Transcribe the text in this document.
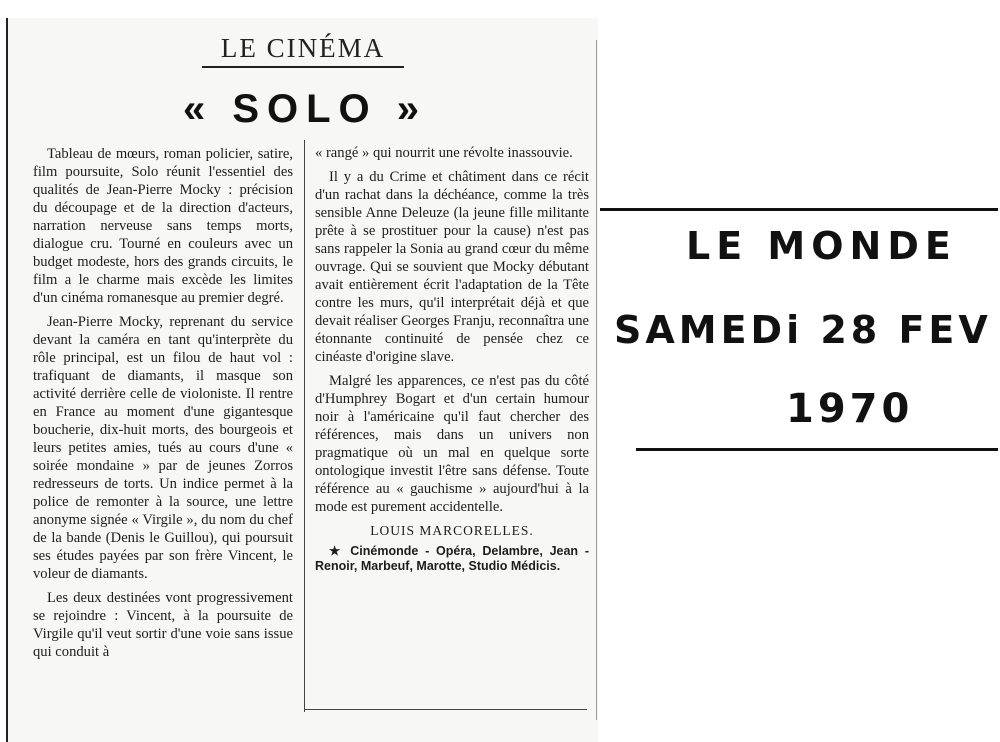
LE CINÉMA
« SOLO »

Tableau de mœurs, roman policier, satire, film poursuite, Solo réunit l'essentiel des qualités de Jean-Pierre Mocky : précision du découpage et de la direction d'acteurs, narration nerveuse sans temps morts, dialogue cru. Tourné en couleurs avec un budget modeste, hors des grands circuits, le film a le charme mais excède les limites d'un cinéma romanesque au premier degré.

Jean-Pierre Mocky, reprenant du service devant la caméra en tant qu'interprète du rôle principal, est un filou de haut vol : trafiquant de diamants, il masque son activité derrière celle de violoniste. Il rentre en France au moment d'une gigantesque boucherie, dix-huit morts, des bourgeois et leurs petites amies, tués au cours d'une « soirée mondaine » par de jeunes Zorros redresseurs de torts. Un indice permet à la police de remonter à la source, une lettre anonyme signée « Virgile », du nom du chef de la bande (Denis le Guillou), qui poursuit ses études payées par son frère Vincent, le voleur de diamants.

Les deux destinées vont progressivement se rejoindre : Vincent, à la poursuite de Virgile qu'il veut sortir d'une voie sans issue qui conduit à

« rangé » qui nourrit une révolte inassouvie.

Il y a du Crime et châtiment dans ce récit d'un rachat dans la déchéance, comme la très sensible Anne Deleuze (la jeune fille militante prête à se prostituer pour la cause) n'est pas sans rappeler la Sonia au grand cœur du même ouvrage. Qui se souvient que Mocky débutant avait entièrement écrit l'adaptation de la Tête contre les murs, qu'il interprétait déjà et que devait réaliser Georges Franju, reconnaîtra une étonnante continuité de pensée chez ce cinéaste d'origine slave.

Malgré les apparences, ce n'est pas du côté d'Humphrey Bogart et d'un certain humour noir à l'américaine qu'il faut chercher des références, mais dans un univers non pragmatique où un mal en quelque sorte ontologique investit l'être sans défense. Toute référence au « gauchisme » aujourd'hui à la mode est purement accidentelle.

LOUIS MARCORELLES.
★ Cinémonde - Opéra, Delambre, Jean - Renoir, Marbeuf, Marotte, Studio Médicis.
LE MONDE
SAMEDi 28 FEV
1970
